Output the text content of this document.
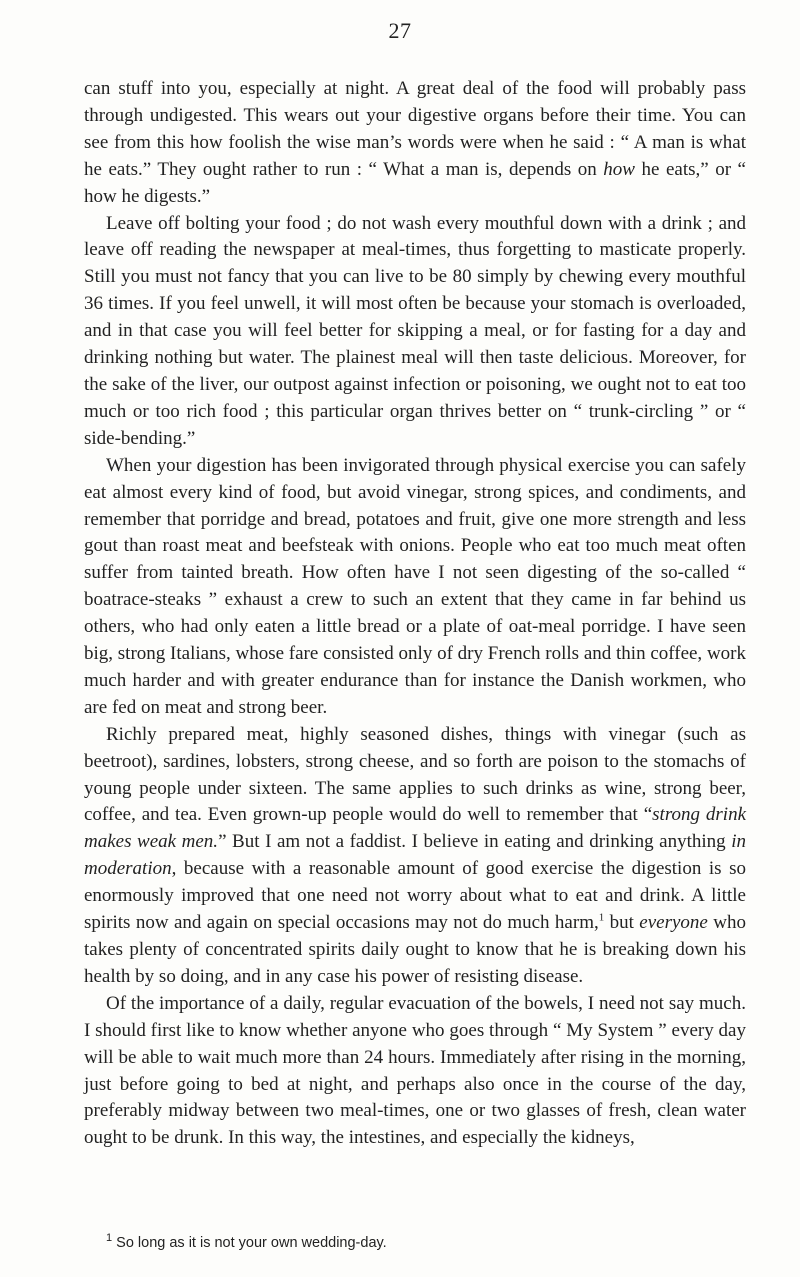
27

can stuff into you, especially at night. A great deal of the food will probably pass through undigested. This wears out your digestive organs before their time. You can see from this how foolish the wise man’s words were when he said : “ A man is what he eats.” They ought rather to run : “ What a man is, depends on how he eats,” or “ how he digests.”

Leave off bolting your food ; do not wash every mouthful down with a drink ; and leave off reading the newspaper at meal-times, thus forgetting to masticate properly. Still you must not fancy that you can live to be 80 simply by chewing every mouthful 36 times. If you feel unwell, it will most often be because your stomach is overloaded, and in that case you will feel better for skipping a meal, or for fasting for a day and drinking nothing but water. The plainest meal will then taste delicious. Moreover, for the sake of the liver, our outpost against infection or poisoning, we ought not to eat too much or too rich food ; this particular organ thrives better on “ trunk-circling ” or “ side-bending.”

When your digestion has been invigorated through physical exercise you can safely eat almost every kind of food, but avoid vinegar, strong spices, and condiments, and remember that porridge and bread, potatoes and fruit, give one more strength and less gout than roast meat and beefsteak with onions. People who eat too much meat often suffer from tainted breath. How often have I not seen digesting of the so-called “ boatrace-steaks ” exhaust a crew to such an extent that they came in far behind us others, who had only eaten a little bread or a plate of oat-meal porridge. I have seen big, strong Italians, whose fare consisted only of dry French rolls and thin coffee, work much harder and with greater endurance than for instance the Danish workmen, who are fed on meat and strong beer.

Richly prepared meat, highly seasoned dishes, things with vinegar (such as beetroot), sardines, lobsters, strong cheese, and so forth are poison to the stomachs of young people under sixteen. The same applies to such drinks as wine, strong beer, coffee, and tea. Even grown-up people would do well to remember that “strong drink makes weak men.” But I am not a faddist. I believe in eating and drinking anything in moderation, because with a reasonable amount of good exercise the digestion is so enormously improved that one need not worry about what to eat and drink. A little spirits now and again on special occasions may not do much harm,$^1$ but everyone who takes plenty of concentrated spirits daily ought to know that he is breaking down his health by so doing, and in any case his power of resisting disease.

Of the importance of a daily, regular evacuation of the bowels, I need not say much. I should first like to know whether anyone who goes through “ My System ” every day will be able to wait much more than 24 hours. Immediately after rising in the morning, just before going to bed at night, and perhaps also once in the course of the day, preferably midway between two meal-times, one or two glasses of fresh, clean water ought to be drunk. In this way, the intestines, and especially the kidneys,

$^1$ So long as it is not your own wedding-day.
